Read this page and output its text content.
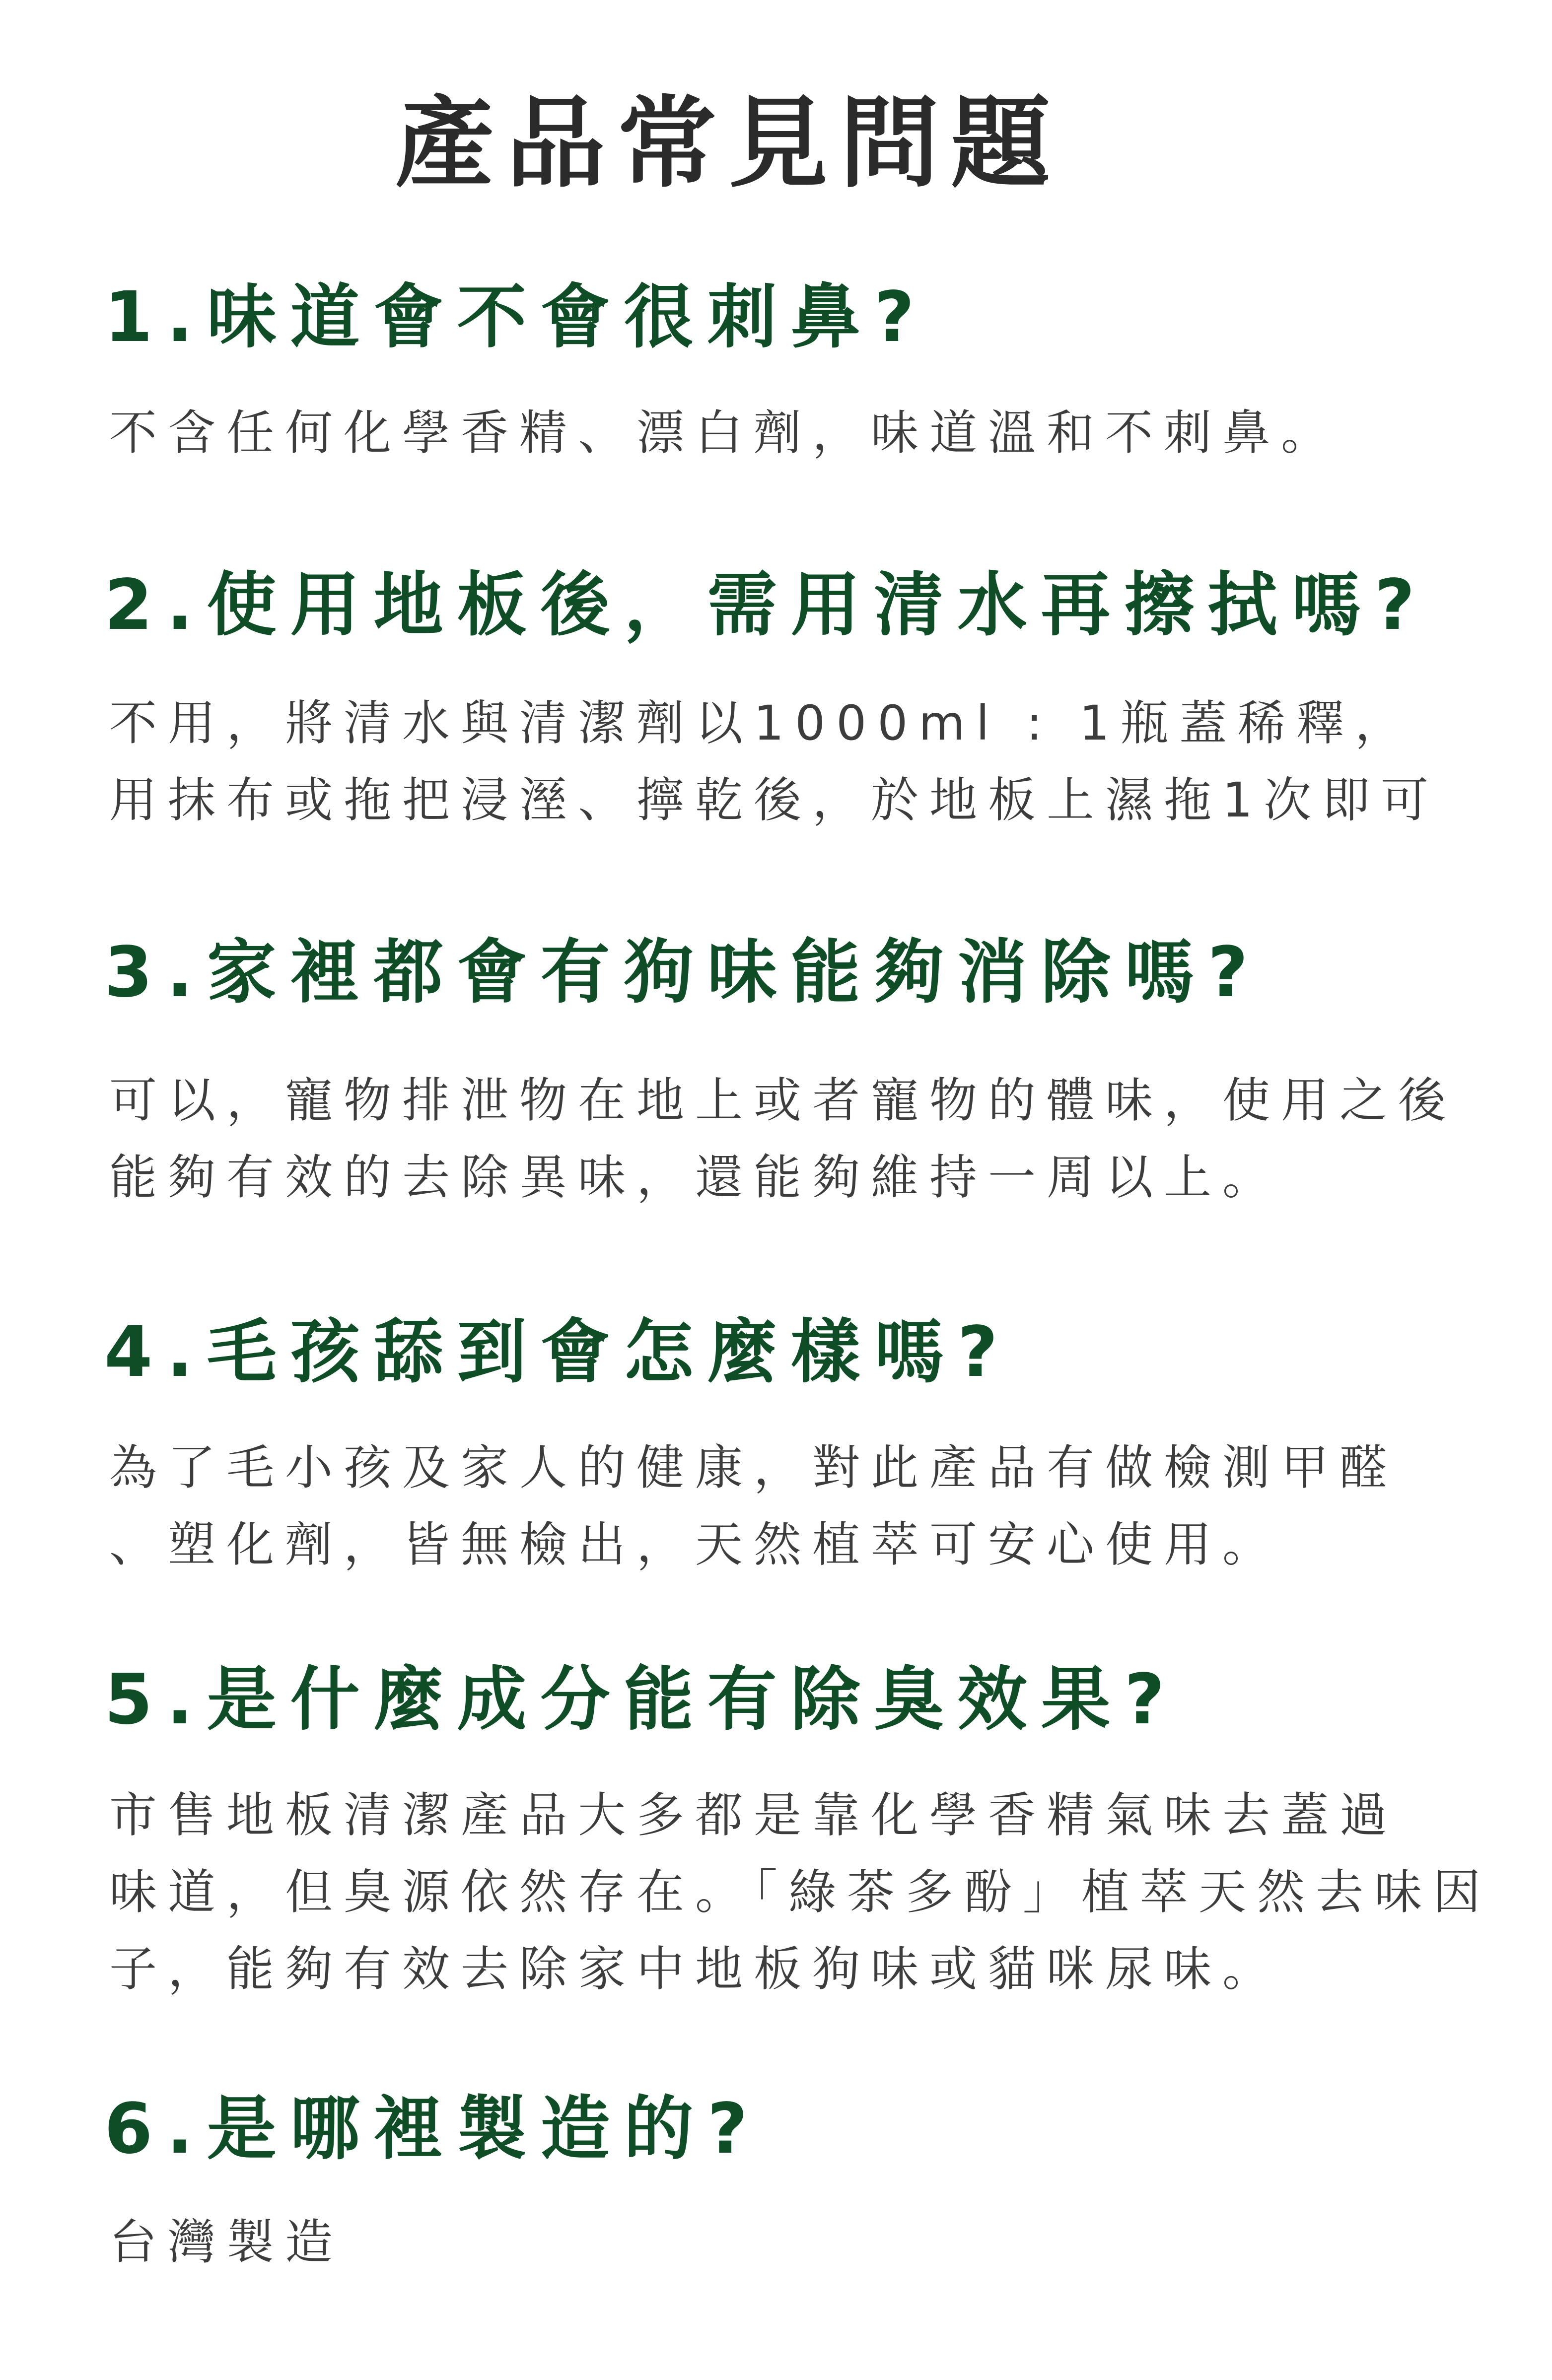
產品常見問題
1.味道會不會很刺鼻?
不含任何化學香精、漂白劑，味道溫和不刺鼻。
2.使用地板後，需用清水再擦拭嗎?
不用，將清水與清潔劑以1000ml : 1瓶蓋稀釋，
用抹布或拖把浸溼、擰乾後，於地板上濕拖1次即可
3.家裡都會有狗味能夠消除嗎?
可以，寵物排泄物在地上或者寵物的體味，使用之後
能夠有效的去除異味，還能夠維持一周以上。
4.毛孩舔到會怎麼樣嗎?
為了毛小孩及家人的健康，對此產品有做檢測甲醛
、塑化劑，皆無檢出，天然植萃可安心使用。
5.是什麼成分能有除臭效果?
市售地板清潔產品大多都是靠化學香精氣味去蓋過
味道，但臭源依然存在。「綠茶多酚」植萃天然去味因
子，能夠有效去除家中地板狗味或貓咪尿味。
6.是哪裡製造的?
台灣製造
